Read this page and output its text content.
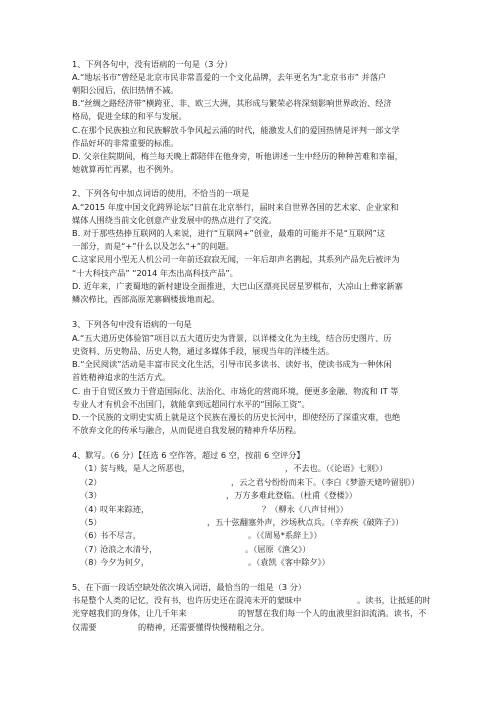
1、下列各句中，没有语病的一句是（3 分）
A.“地坛书市”曾经是北京市民非常喜爱的一个文化品牌，去年更名为“北京书市” 并落户
朝阳公园后，依旧热情不减。
B.“丝绸之路经济带”横跨亚、非、欧三大洲，其形成与繁荣必将深刻影响世界政治、经济
格局，促进全球的和平与发展。
C.在那个民族独立和民族解放斗争风起云涌的时代，能激发人们的爱国热情是评判一部文学
作品好坏的非常重要的标准。
D. 父亲住院期间，梅兰每天晚上都陪伴在他身旁，听他讲述一生中经历的种种苦难和幸福，
她就算再忙再累，也不例外。
2、下列各句中加点词语的使用，不恰当的一项是
A.“2015 年度中国文化跨界论坛”日前在北京举行，届时来自世界各国的艺术家、企业家和
媒体人围绕当前文化创意产业发展中的热点进行了交流。
B. 对于那些热捧互联网的人来说，进行“互联网+”创业，最难的可能并不是“互联网”这
一部分，而是“+”什么以及怎么“+”的问题。
C.这家民用小型无人机公司一年前还寂寂无闻，一年后却声名鹊起，其系列产品先后被评为
“十大科技产品” “2014 年杰出高科技产品”。
D. 近年来，广袤蜀地的新村建设全面推进，大巴山区漂亮民居星罗棋布，大凉山上彝家新寨
鳞次栉比，西部高原羌寨碉楼拔地而起。
3、下列各句中没有语病的一句是
A.“五大道历史体验馆”项目以五大道历史为背景，以详楼文化为主线，结合历史图片、历
史资料、历史物品、历史人物，通过多媒体手段，展现当年的洋楼生活。
B.“全民阅读”活动是丰富市民文化生活，引导市民多读书、读好书，使读书成为一种休闲
首姓精神追求的生活方式。
C. 由于自贸区致力于营造国际化、法治化、市场化的营商环境，便更多金融、物流和 IT 等
专业人才有机会不出国门，就能拿到远超同行水平的“国际工资”。
D.一个民族的文明史实质上就是这个民族在漫长的历史长河中，即使经历了深重灾难，也绝
不放弃文化的传承与融合，从而促进自我发展的精神升华历程。
4、默写。（6 分）【任选 6 空作答，超过 6 空，按前 6 空评分】
（1）
贫与贱，是人之所恶也，	，不去也。（《论语》七则》）
（2）	，云之君兮纷纷而来下。（李白《梦游天姥吟留别》）
（3）	，万方多难此登临。（杜甫《登楼》）
（4）
叹年来踪迹，	？（柳永《八声甘州》）
（5）	，五十弦翻塞外声，沙场秋点兵。（辛弃疾《破阵子》）
（6）
书不尽言，	。（《周易*系辞上》）
（7）
沧浪之水清兮，	。（屈原《渔父》）
（8）
今夕为何夕，	。（袁凯《客中除夕》）
5、在下面一段话空缺处依次填入词语，最恰当的一组是（3 分）
书是整个人类的记忆，没有书，也许历史还在混沌未开的蒙昧中	。读书，让抵延的时
光穿越我们的身体，让几千年来	的智慧在我们每一个人的血液里汩汩流淌。读书，不
仅需要	的精神，还需要懂得快慢精粗之分。
